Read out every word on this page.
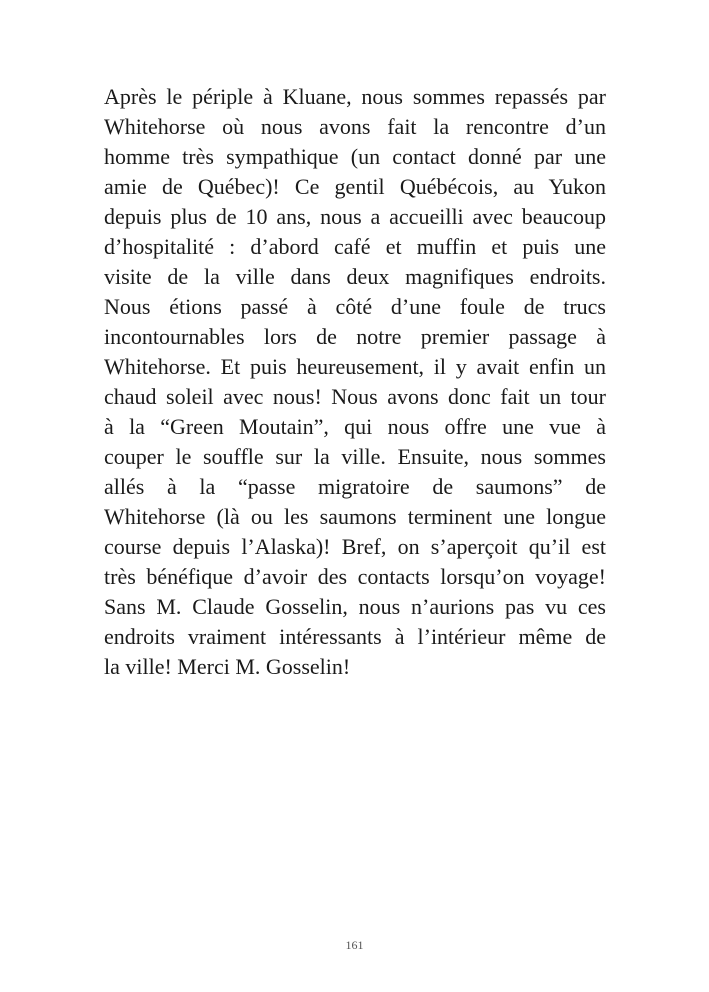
Après le périple à Kluane, nous sommes repassés par
Whitehorse où nous avons fait la rencontre d’un
homme très sympathique (un contact donné par une
amie de Québec)! Ce gentil Québécois, au Yukon
depuis plus de 10 ans, nous a accueilli avec beaucoup
d’hospitalité : d’abord café et muffin et puis une
visite de la ville dans deux magnifiques endroits.
Nous étions passé à côté d’une foule de trucs
incontournables lors de notre premier passage à
Whitehorse. Et puis heureusement, il y avait enfin un
chaud soleil avec nous! Nous avons donc fait un tour
à la “Green Moutain”, qui nous offre une vue à
couper le souffle sur la ville. Ensuite, nous sommes
allés à la “passe migratoire de saumons” de
Whitehorse (là ou les saumons terminent une longue
course depuis l’Alaska)! Bref, on s’aperçoit qu’il est
très bénéfique d’avoir des contacts lorsqu’on voyage!
Sans M. Claude Gosselin, nous n’aurions pas vu ces
endroits vraiment intéressants à l’intérieur même de
la ville! Merci M. Gosselin!
161
